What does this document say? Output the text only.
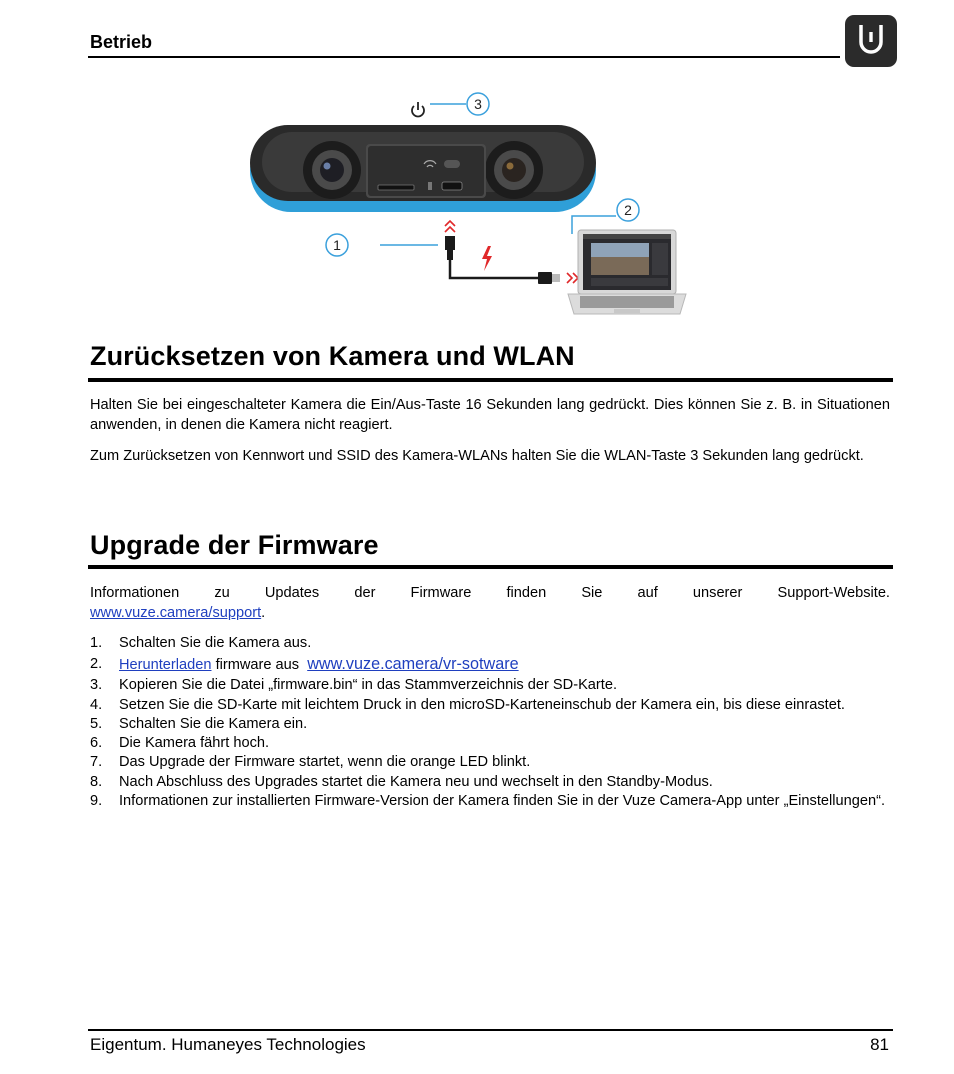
Betrieb
3
1
2
Zurücksetzen von Kamera und WLAN

Halten Sie bei eingeschalteter Kamera die Ein/Aus-Taste 16 Sekunden lang gedrückt. Dies können Sie z. B. in Situationen anwenden, in denen die Kamera nicht reagiert.

Zum Zurücksetzen von Kennwort und SSID des Kamera-WLANs halten Sie die WLAN-Taste 3 Sekunden lang gedrückt.

Upgrade der Firmware
Informationen zu Updates der Firmware finden Sie auf unserer Support-Website.
www.vuze.camera/support.
1. Schalten Sie die Kamera aus.
2. Herunterladen firmware aus www.vuze.camera/vr-sotware
3. Kopieren Sie die Datei „firmware.bin“ in das Stammverzeichnis der SD-Karte.
4. Setzen Sie die SD-Karte mit leichtem Druck in den microSD-Karteneinschub der Kamera ein, bis diese einrastet.
5. Schalten Sie die Kamera ein.
6. Die Kamera fährt hoch.
7. Das Upgrade der Firmware startet, wenn die orange LED blinkt.
8. Nach Abschluss des Upgrades startet die Kamera neu und wechselt in den Standby-Modus.
9. Informationen zur installierten Firmware-Version der Kamera finden Sie in der Vuze Camera-App unter „Einstellungen“.
Eigentum. Humaneyes Technologies	81
